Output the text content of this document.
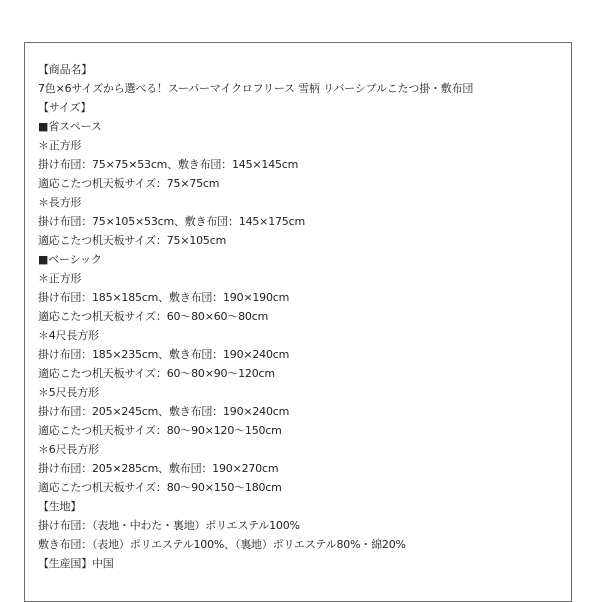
【商品名】
7色×6サイズから選べる！スーパーマイクロフリース 雪柄 リバーシブルこたつ掛・敷布団
【サイズ】
■省スペース
＊正方形
掛け布団：75×75×53cm、敷き布団：145×145cm
適応こたつ机天板サイズ：75×75cm
＊長方形
掛け布団：75×105×53cm、敷き布団：145×175cm
適応こたつ机天板サイズ：75×105cm
■ベーシック
＊正方形
掛け布団：185×185cm、敷き布団：190×190cm
適応こたつ机天板サイズ：60〜80×60〜80cm
＊4尺長方形
掛け布団：185×235cm、敷き布団：190×240cm
適応こたつ机天板サイズ：60〜80×90〜120cm
＊5尺長方形
掛け布団：205×245cm、敷き布団：190×240cm
適応こたつ机天板サイズ：80〜90×120〜150cm
＊6尺長方形
掛け布団：205×285cm、敷布団：190×270cm
適応こたつ机天板サイズ：80〜90×150〜180cm
【生地】
掛け布団：（表地・中わた・裏地）ポリエステル100%
敷き布団：（表地）ポリエステル100%、（裏地）ポリエステル80%・綿20%
【生産国】中国
